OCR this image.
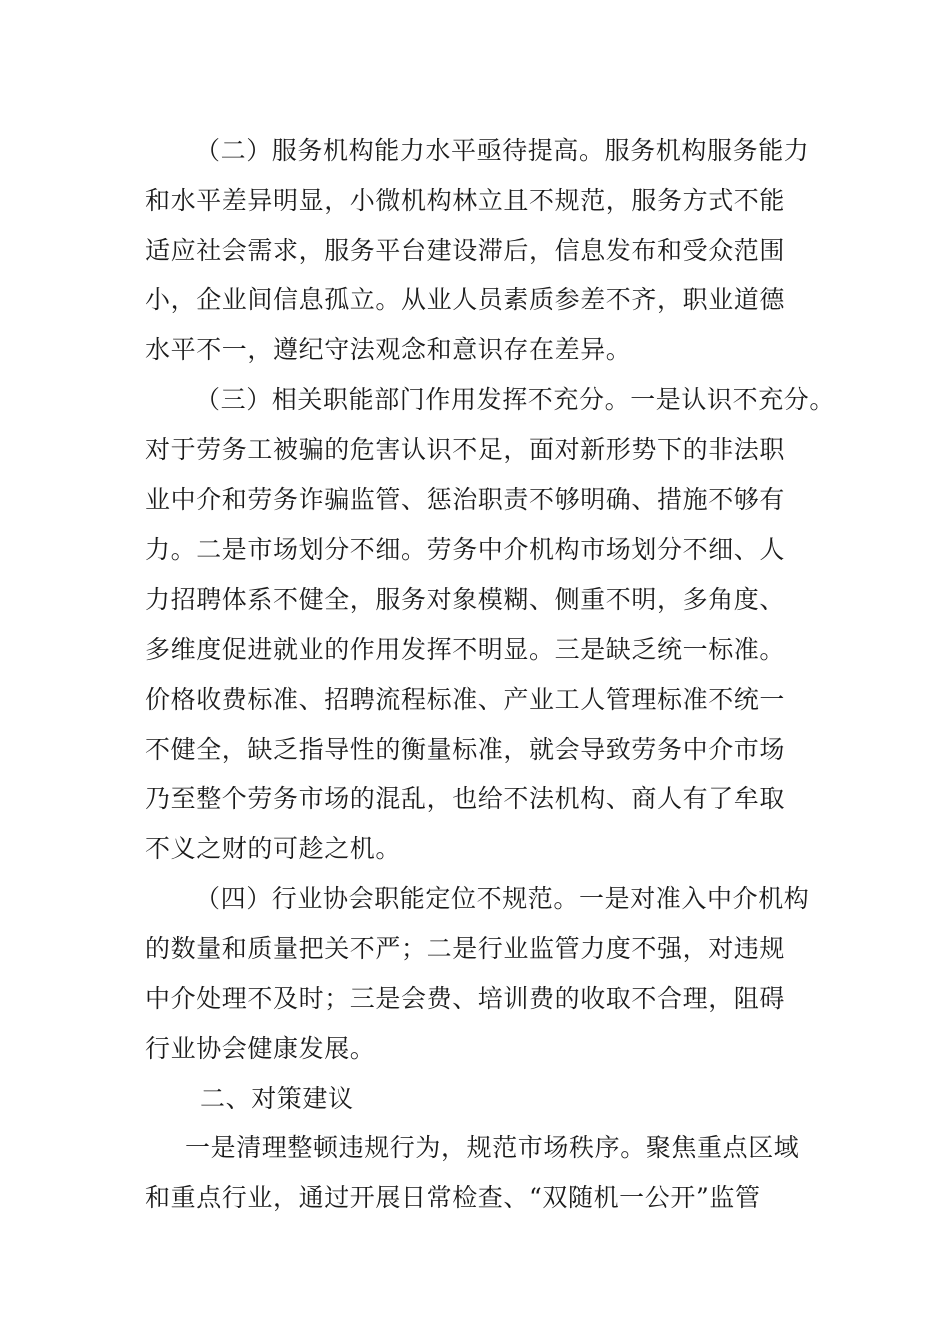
（二）服务机构能力水平亟待提高。服务机构服务能力
和水平差异明显，小微机构林立且不规范，服务方式不能
适应社会需求，服务平台建设滞后，信息发布和受众范围
小，企业间信息孤立。从业人员素质参差不齐，职业道德
水平不一，遵纪守法观念和意识存在差异。
（三）相关职能部门作用发挥不充分。一是认识不充分。
对于劳务工被骗的危害认识不足，面对新形势下的非法职
业中介和劳务诈骗监管、惩治职责不够明确、措施不够有
力。二是市场划分不细。劳务中介机构市场划分不细、人
力招聘体系不健全，服务对象模糊、侧重不明，多角度、
多维度促进就业的作用发挥不明显。三是缺乏统一标准。
价格收费标准、招聘流程标准、产业工人管理标准不统一
不健全，缺乏指导性的衡量标准，就会导致劳务中介市场
乃至整个劳务市场的混乱，也给不法机构、商人有了牟取
不义之财的可趁之机。
（四）行业协会职能定位不规范。一是对准入中介机构
的数量和质量把关不严；二是行业监管力度不强，对违规
中介处理不及时；三是会费、培训费的收取不合理，阻碍
行业协会健康发展。
二、对策建议
一是清理整顿违规行为，规范市场秩序。聚焦重点区域
和重点行业，通过开展日常检查、“双随机一公开”监管
